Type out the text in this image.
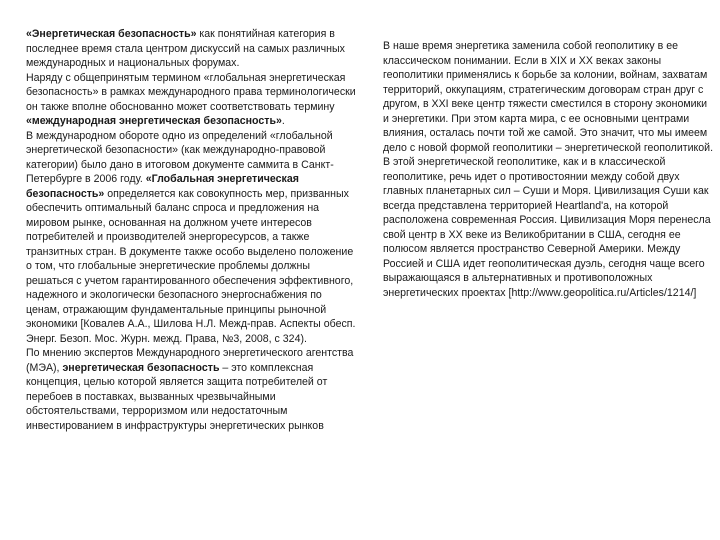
«Энергетическая безопасность» как понятийная категория в последнее время стала центром дискуссий на самых различных международных и национальных форумах.

Наряду с общепринятым термином «глобальная энергетическая безопасность» в рамках международного права терминологически он также вполне обоснованно может соответствовать термину «международная энергетическая безопасность».

В международном обороте одно из определений «глобальной энергетической безопасности» (как международно-правовой категории) было дано в итоговом документе саммита в Санкт-Петербурге в 2006 году. «Глобальная энергетическая безопасность» определяется как совокупность мер, призванных обеспечить оптимальный баланс спроса и предложения на мировом рынке, основанная на должном учете интересов потребителей и производителей энергоресурсов, а также транзитных стран. В документе также особо выделено положение о том, что глобальные энергетические проблемы должны решаться с учетом гарантированного обеспечения эффективного, надежного и экологически безопасного энергоснабжения по ценам, отражающим фундаментальные принципы рыночной экономики [Ковалев А.А., Шилова Н.Л. Межд-прав. Аспекты обесп. Энерг. Безоп. Мос. Журн. межд. Права, №3, 2008, с 324).

По мнению экспертов Международного энергетического агентства (МЭА), энергетическая безопасность – это комплексная концепция, целью которой является защита потребителей от перебоев в поставках, вызванных чрезвычайными обстоятельствами, терроризмом или недостаточным инвестированием в инфраструктуры энергетических рынков

В наше время энергетика заменила собой геополитику в ее классическом понимании. Если в XIX и XX веках законы геополитики применялись к борьбе за колонии, войнам, захватам территорий, оккупациям, стратегическим договорам стран друг с другом, в XXI веке центр тяжести сместился в сторону экономики и энергетики. При этом карта мира, с ее основными центрами влияния, осталась почти той же самой. Это значит, что мы имеем дело с новой формой геополитики – энергетической геополитикой. В этой энергетической геополитике, как и в классической геополитике, речь идет о противостоянии между собой двух главных планетарных сил – Суши и Моря. Цивилизация Суши как всегда представлена территорией Heartland'а, на которой расположена современная Россия. Цивилизация Моря перенесла свой центр в XX веке из Великобритании в США, сегодня ее полюсом является пространство Северной Америки. Между Россией и США идет геополитическая дуэль, сегодня чаще всего выражающаяся в альтернативных и противоположных энергетических проектах [http://www.geopolitica.ru/Articles/1214/]
